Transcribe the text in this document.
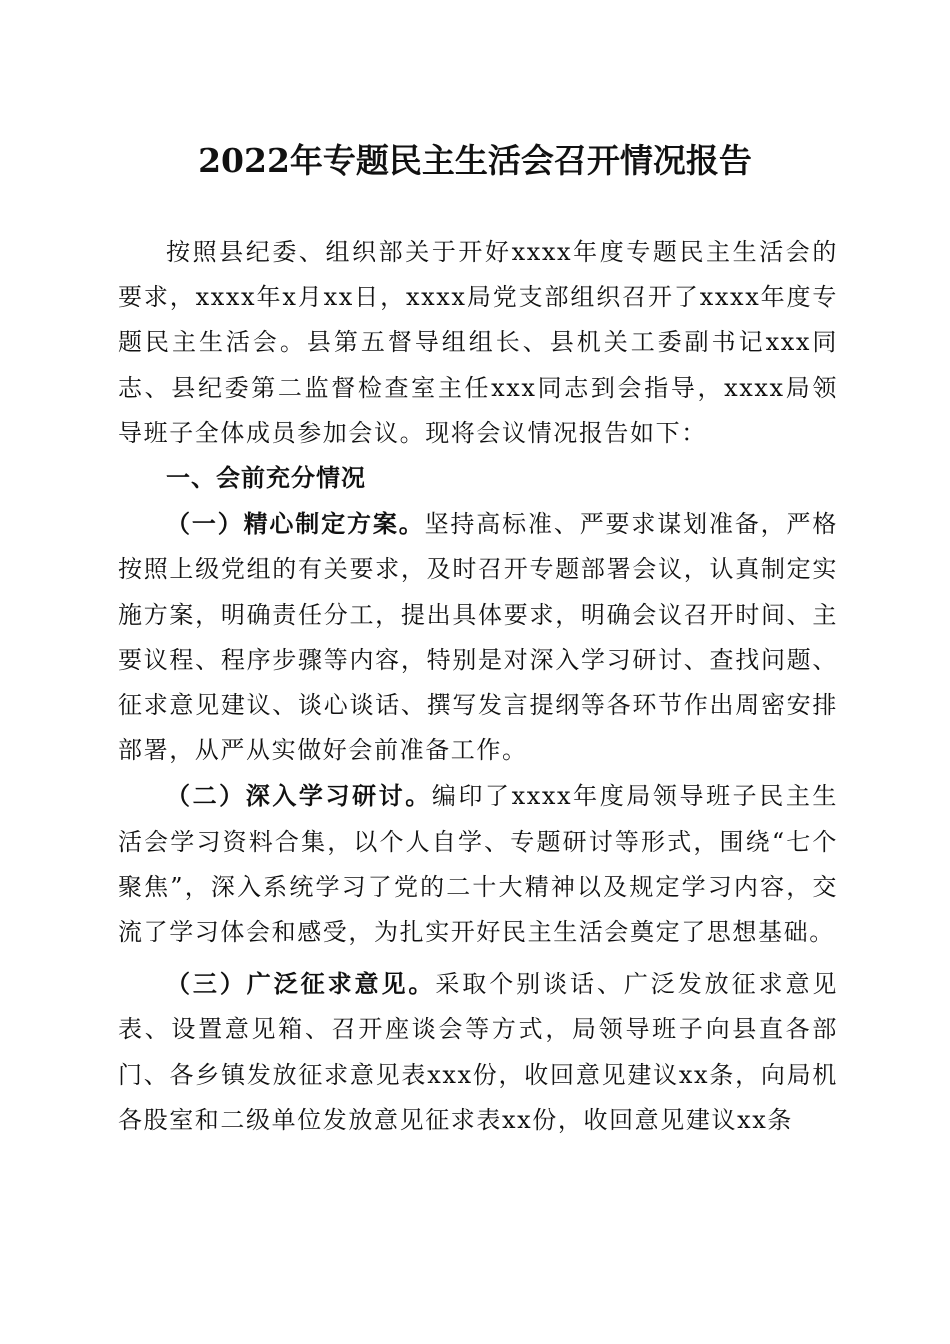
2022年专题民主生活会召开情况报告

按照县纪委、组织部关于开好xxxx年度专题民主生活会的要求，xxxx年x月xx日，xxxx局党支部组织召开了xxxx年度专题民主生活会。县第五督导组组长、县机关工委副书记xxx同志、县纪委第二监督检查室主任xxx同志到会指导，xxxx局领导班子全体成员参加会议。现将会议情况报告如下：

一、会前充分情况

（一）精心制定方案。坚持高标准、严要求谋划准备，严格按照上级党组的有关要求，及时召开专题部署会议，认真制定实施方案，明确责任分工，提出具体要求，明确会议召开时间、主要议程、程序步骤等内容，特别是对深入学习研讨、查找问题、征求意见建议、谈心谈话、撰写发言提纲等各环节作出周密安排部署，从严从实做好会前准备工作。

（二）深入学习研讨。编印了xxxx年度局领导班子民主生活会学习资料合集，以个人自学、专题研讨等形式，围绕“七个聚焦”，深入系统学习了党的二十大精神以及规定学习内容，交流了学习体会和感受，为扎实开好民主生活会奠定了思想基础。

（三）广泛征求意见。采取个别谈话、广泛发放征求意见表、设置意见箱、召开座谈会等方式，局领导班子向县直各部门、各乡镇发放征求意见表xxx份，收回意见建议xx条，向局机各股室和二级单位发放意见征求表xx份，收回意见建议xx条
